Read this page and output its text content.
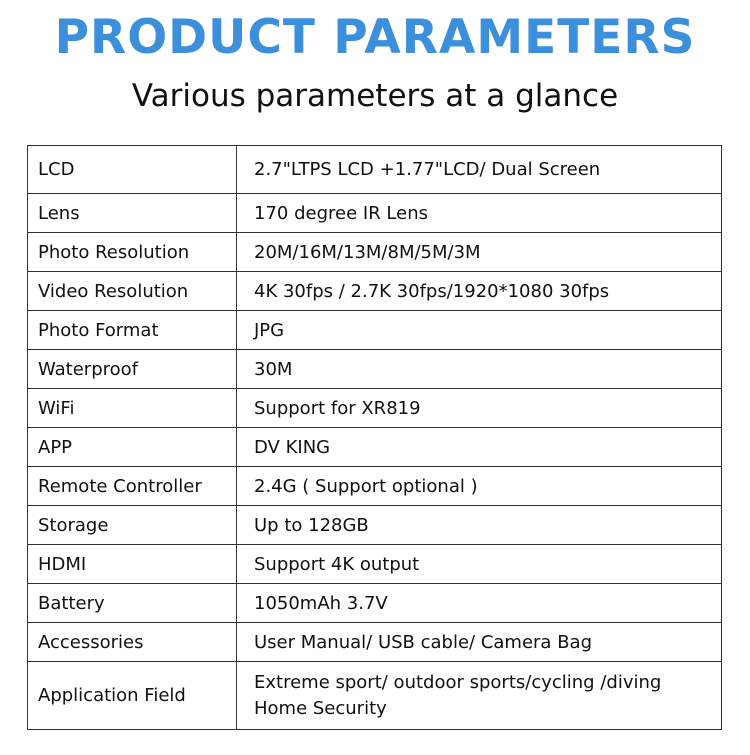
PRODUCT PARAMETERS
Various parameters at a glance
LCD	2.7"LTPS LCD +1.77"LCD/ Dual Screen
Lens	170 degree IR Lens
Photo Resolution	20M/16M/13M/8M/5M/3M
Video Resolution	4K 30fps / 2.7K 30fps/1920*1080 30fps
Photo Format	JPG
Waterproof	30M
WiFi	Support for XR819
APP	DV KING
Remote Controller	2.4G ( Support optional )
Storage	Up to 128GB
HDMI	Support 4K output
Battery	1050mAh 3.7V
Accessories	User Manual/ USB cable/ Camera Bag
Application Field	Extreme sport/ outdoor sports/cycling /diving
Home Security
